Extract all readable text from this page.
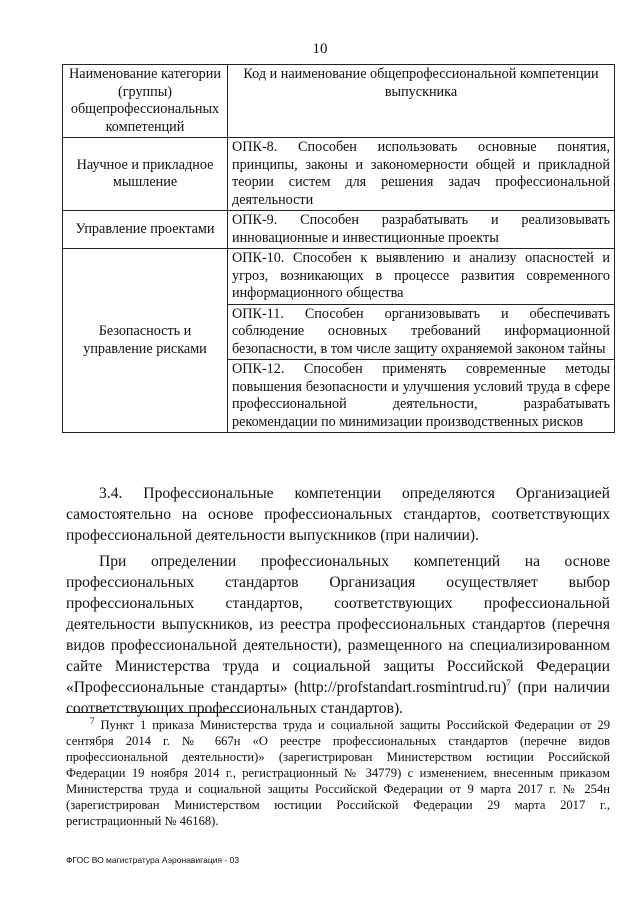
10
Наименование категории (группы) общепрофессиональных компетенций	Код и наименование общепрофессиональной компетенции выпускника
Научное и прикладное мышление	ОПК-8. Способен использовать основные понятия, принципы, законы и закономерности общей и прикладной теории систем для решения задач профессиональной деятельности
Управление проектами	ОПК-9. Способен разрабатывать и реализовывать инновационные и инвестиционные проекты
Безопасность и управление рисками	ОПК-10. Способен к выявлению и анализу опасностей и угроз, возникающих в процессе развития современного информационного общества
	ОПК-11. Способен организовывать и обеспечивать соблюдение основных требований информационной безопасности, в том числе защиту охраняемой законом тайны
	ОПК-12. Способен применять современные методы повышения безопасности и улучшения условий труда в сфере профессиональной деятельности, разрабатывать рекомендации по минимизации производственных рисков

3.4. Профессиональные компетенции определяются Организацией самостоятельно на основе профессиональных стандартов, соответствующих профессиональной деятельности выпускников (при наличии).

При определении профессиональных компетенций на основе профессиональных стандартов Организация осуществляет выбор профессиональных стандартов, соответствующих профессиональной деятельности выпускников, из реестра профессиональных стандартов (перечня видов профессиональной деятельности), размещенного на специализированном сайте Министерства труда и социальной защиты Российской Федерации «Профессиональные стандарты» (http://profstandart.rosmintrud.ru)$^7$ (при наличии соответствующих профессиональных стандартов).

$^7$ Пункт 1 приказа Министерства труда и социальной защиты Российской Федерации от 29 сентября 2014 г. № 667н «О реестре профессиональных стандартов (перечне видов профессиональной деятельности)» (зарегистрирован Министерством юстиции Российской Федерации 19 ноября 2014 г., регистрационный № 34779) с изменением, внесенным приказом Министерства труда и социальной защиты Российской Федерации от 9 марта 2017 г. № 254н (зарегистрирован Министерством юстиции Российской Федерации 29 марта 2017 г., регистрационный № 46168).
ФГОС ВО магистратура Аэронавигация - 03
